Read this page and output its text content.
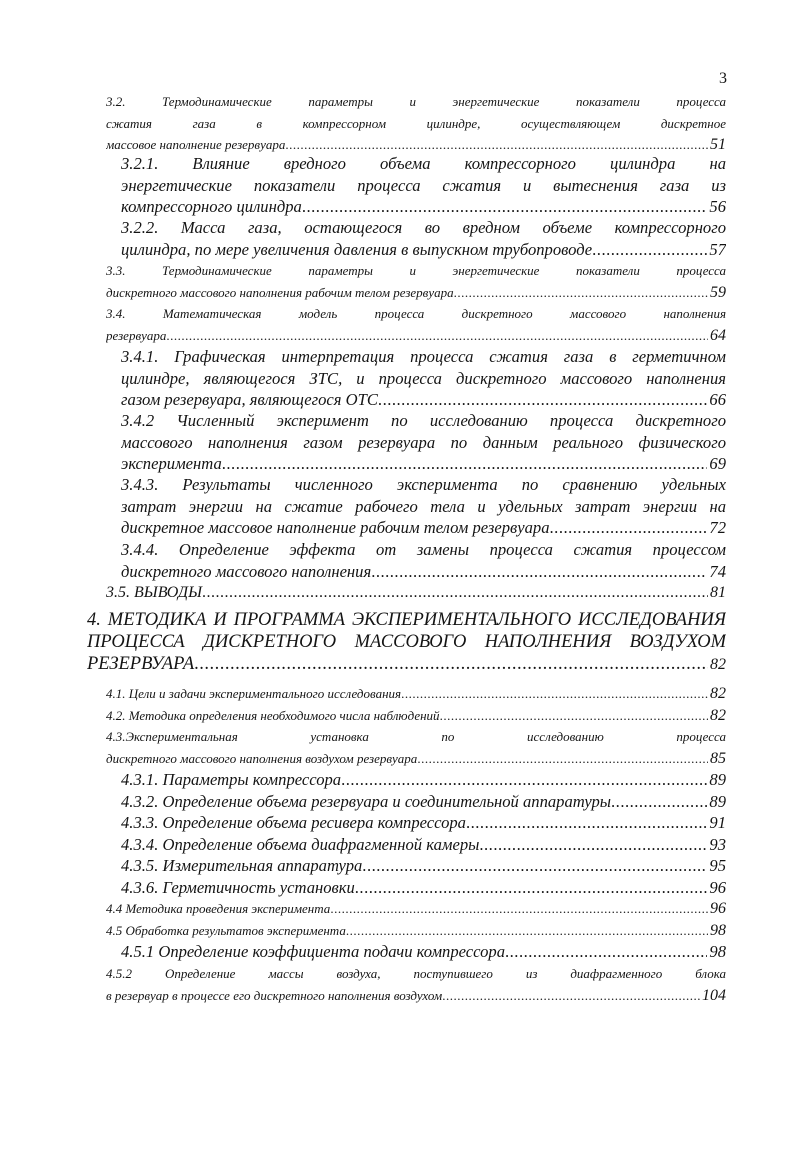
3
3.2. Термодинамические параметры и энергетические показатели процесса
сжатия газа в компрессорном цилиндре, осуществляющем дискретное
массовое наполнение резервуара .....	51
3.2.1. Влияние вредного объема компрессорного цилиндра на
энергетические показатели процесса сжатия и вытеснения газа из
компрессорного цилиндра .....	56
3.2.2. Масса газа, остающегося во вредном объеме компрессорного
цилиндра, по мере увеличения давления в выпускном трубопроводе .....	57
3.3. Термодинамические параметры и энергетические показатели процесса
дискретного массового наполнения рабочим телом резервуара .....	59
3.4. Математическая модель процесса дискретного массового наполнения
резервуара .....	64
3.4.1. Графическая интерпретация процесса сжатия газа в герметичном
цилиндре, являющегося ЗТС, и процесса дискретного массового наполнения
газом резервуара, являющегося ОТС .....	66
3.4.2 Численный эксперимент по исследованию процесса дискретного
массового наполнения газом резервуара по данным реального физического
эксперимента .....	69
3.4.3. Результаты численного эксперимента по сравнению удельных
затрат энергии на сжатие рабочего тела и удельных затрат энергии на
дискретное массовое наполнение рабочим телом резервуара .....	72
3.4.4. Определение эффекта от замены процесса сжатия процессом
дискретного массового наполнения .....	74
3.5. ВЫВОДЫ .....	81
4. МЕТОДИКА И ПРОГРАММА ЭКСПЕРИМЕНТАЛЬНОГО ИССЛЕДОВАНИЯ
ПРОЦЕССА ДИСКРЕТНОГО МАССОВОГО НАПОЛНЕНИЯ ВОЗДУХОМ
РЕЗЕРВУАРА .....	82
4.1. Цели и задачи экспериментального исследования .....	82
4.2. Методика определения необходимого числа наблюдений .....	82
4.3.Экспериментальная установка по исследованию процесса
дискретного массового наполнения воздухом резервуара .....	85
4.3.1. Параметры компрессора .....	89
4.3.2. Определение объема резервуара и соединительной аппаратуры .....	89
4.3.3. Определение объема ресивера компрессора .....	91
4.3.4. Определение объема диафрагменной камеры .....	93
4.3.5. Измерительная аппаратура .....	95
4.3.6. Герметичность установки .....	96
4.4 Методика проведения эксперимента .....	96
4.5 Обработка результатов эксперимента .....	98
4.5.1 Определение коэффициента подачи компрессора .....	98
4.5.2 Определение массы воздуха, поступившего из диафрагменного блока
в резервуар в процессе его дискретного наполнения воздухом .....	104
